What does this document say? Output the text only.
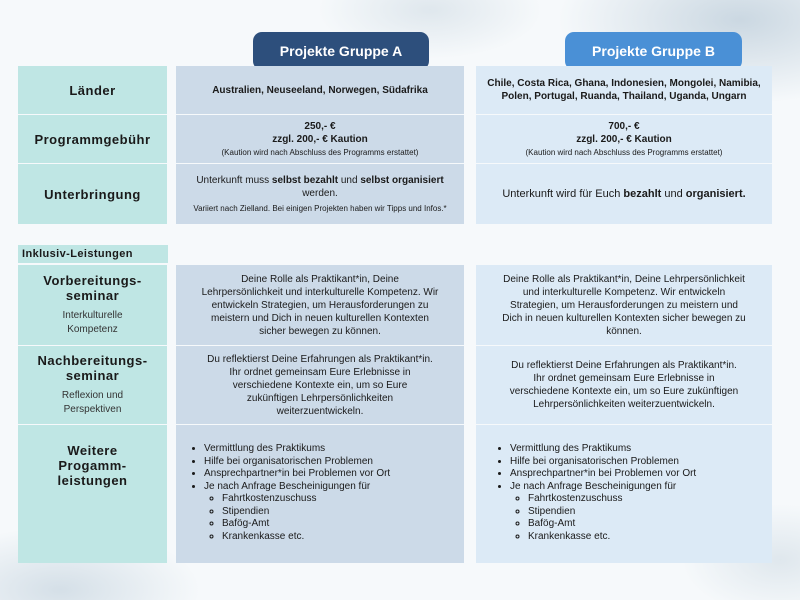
Projekte Gruppe A	Projekte Gruppe B
Länder	Australien, Neuseeland, Norwegen, Südafrika
Chile, Costa Rica, Ghana, Indonesien, Mongolei, Namibia, Polen, Portugal, Ruanda, Thailand, Uganda, Ungarn
Programmgebühr
250,- €
zzgl. 200,- € Kaution
(Kaution wird nach Abschluss des Programms erstattet)
700,- €
zzgl. 200,- € Kaution
(Kaution wird nach Abschluss des Programms erstattet)
Unterbringung
Unterkunft muss selbst bezahlt und selbst organisiert werden.
Variiert nach Zielland. Bei einigen Projekten haben wir Tipps und Infos.*
Unterkunft wird für Euch bezahlt und organisiert.
Inklusiv-Leistungen
Vorbereitungs-
seminar
Interkulturelle Kompetenz
Deine Rolle als Praktikant*in, Deine Lehrpersönlichkeit und interkulturelle Kompetenz. Wir entwickeln Strategien, um Herausforderungen zu meistern und Dich in neuen kulturellen Kontexten sicher bewegen zu können.
Deine Rolle als Praktikant*in, Deine Lehrpersönlichkeit und interkulturelle Kompetenz. Wir entwickeln Strategien, um Herausforderungen zu meistern und Dich in neuen kulturellen Kontexten sicher bewegen zu können.
Nachbereitungs-
seminar
Reflexion und Perspektiven
Du reflektierst Deine Erfahrungen als Praktikant*in. Ihr ordnet gemeinsam Eure Erlebnisse in verschiedene Kontexte ein, um so Eure zukünftigen Lehrpersönlichkeiten weiterzuentwickeln.
Du reflektierst Deine Erfahrungen als Praktikant*in. Ihr ordnet gemeinsam Eure Erlebnisse in verschiedene Kontexte ein, um so Eure zukünftigen Lehrpersönlichkeiten weiterzuentwickeln.
Weitere
Progamm-
leistungen
• Vermittlung des Praktikums
• Hilfe bei organisatorischen Problemen
• Ansprechpartner*in bei Problemen vor Ort
• Je nach Anfrage Bescheinigungen für
◦ Fahrtkostenzuschuss
◦ Stipendien
◦ Bafög-Amt
◦ Krankenkasse etc.
• Vermittlung des Praktikums
• Hilfe bei organisatorischen Problemen
• Ansprechpartner*in bei Problemen vor Ort
• Je nach Anfrage Bescheinigungen für
◦ Fahrtkostenzuschuss
◦ Stipendien
◦ Bafög-Amt
◦ Krankenkasse etc.
